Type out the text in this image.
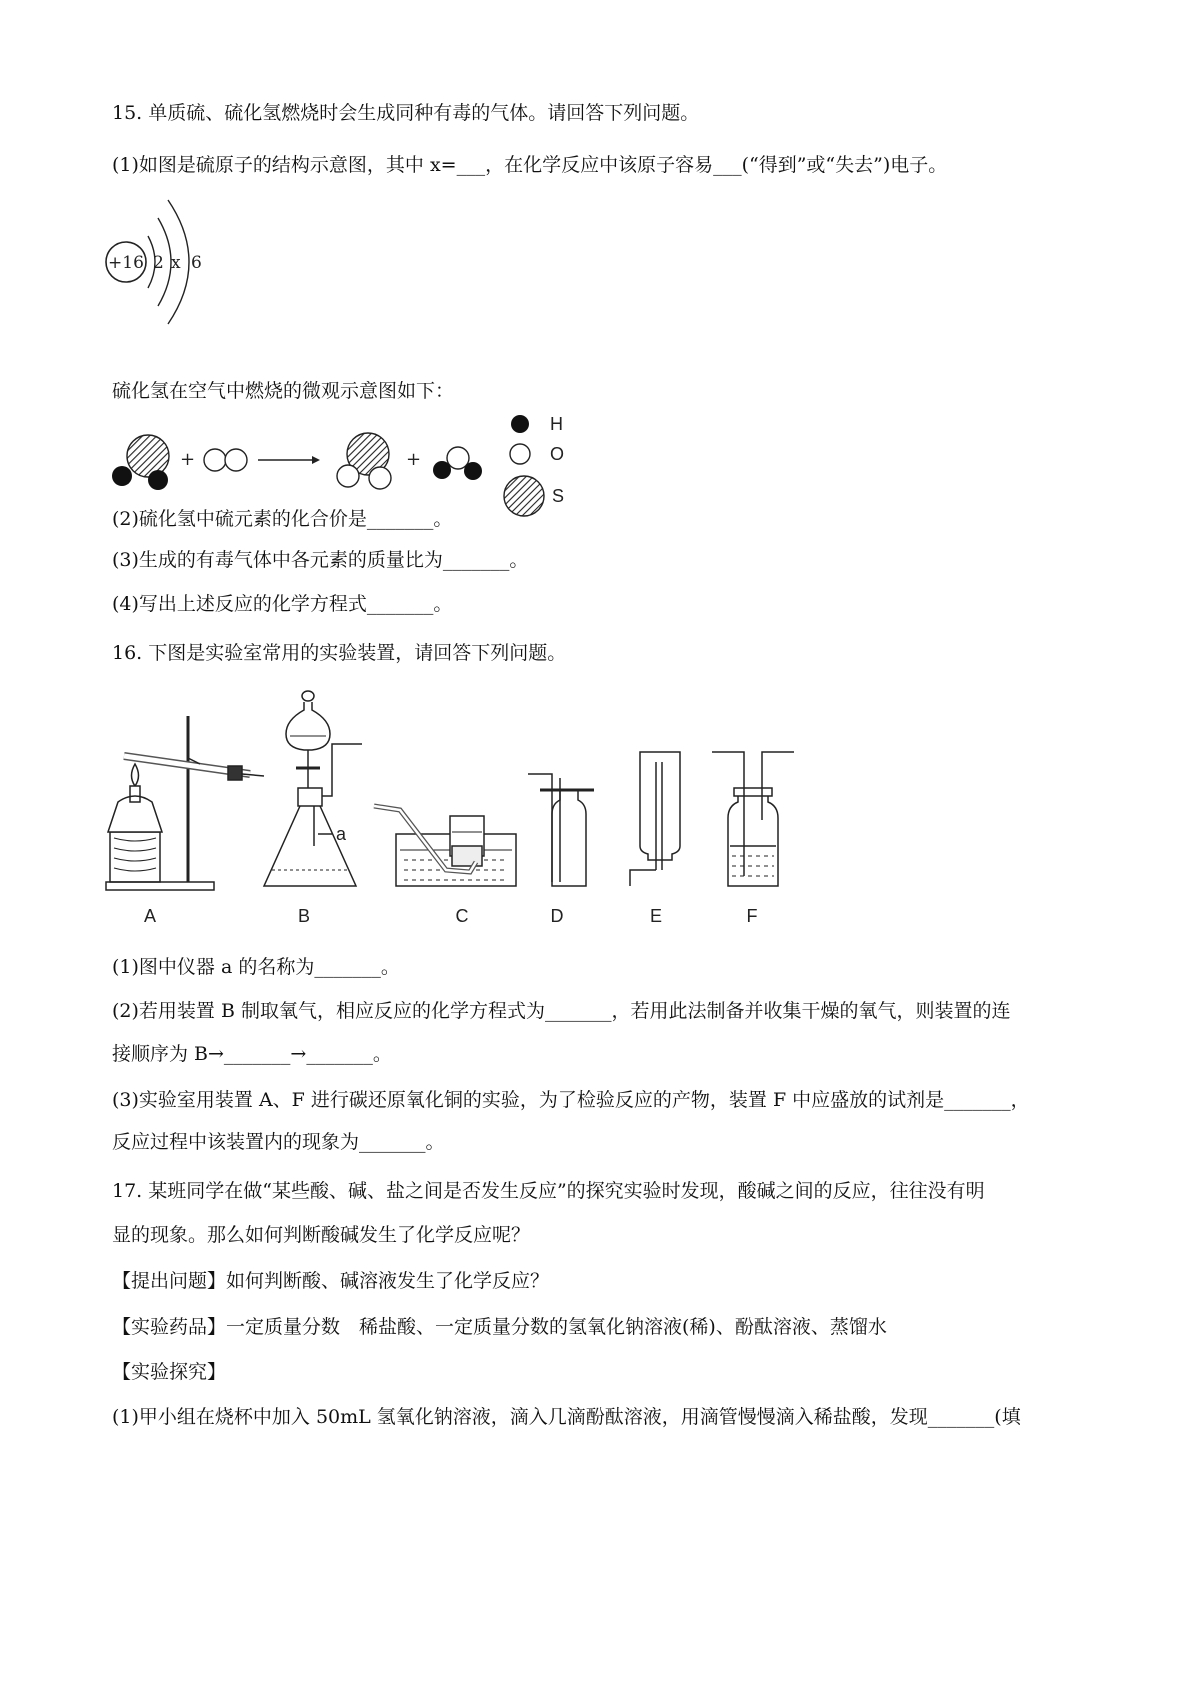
15. 单质硫、硫化氢燃烧时会生成同种有毒的气体。请回答下列问题。
(1)如图是硫原子的结构示意图，其中 x=___，在化学反应中该原子容易___(“得到”或“失去”)电子。
+16 2 x 6
硫化氢在空气中燃烧的微观示意图如下：
+	+
H
O
S
(2)硫化氢中硫元素的化合价是_______。
(3)生成的有毒气体中各元素的质量比为_______。
(4)写出上述反应的化学方程式_______。
16. 下图是实验室常用的实验装置，请回答下列问题。
A
a
B	C	D	E	F
(1)图中仪器 a 的名称为_______。
(2)若用装置 B 制取氧气，相应反应的化学方程式为_______，若用此法制备并收集干燥的氧气，则装置的连
接顺序为 B→_______→_______。
(3)实验室用装置 A、F 进行碳还原氧化铜的实验，为了检验反应的产物，装置 F 中应盛放的试剂是_______，
反应过程中该装置内的现象为_______。
17. 某班同学在做“某些酸、碱、盐之间是否发生反应”的探究实验时发现，酸碱之间的反应，往往没有明
显的现象。那么如何判断酸碱发生了化学反应呢？
【提出问题】如何判断酸、碱溶液发生了化学反应？
【实验药品】一定质量分数　稀盐酸、一定质量分数的氢氧化钠溶液(稀)、酚酞溶液、蒸馏水
【实验探究】
(1)甲小组在烧杯中加入 50mL 氢氧化钠溶液，滴入几滴酚酞溶液，用滴管慢慢滴入稀盐酸，发现_______(填
